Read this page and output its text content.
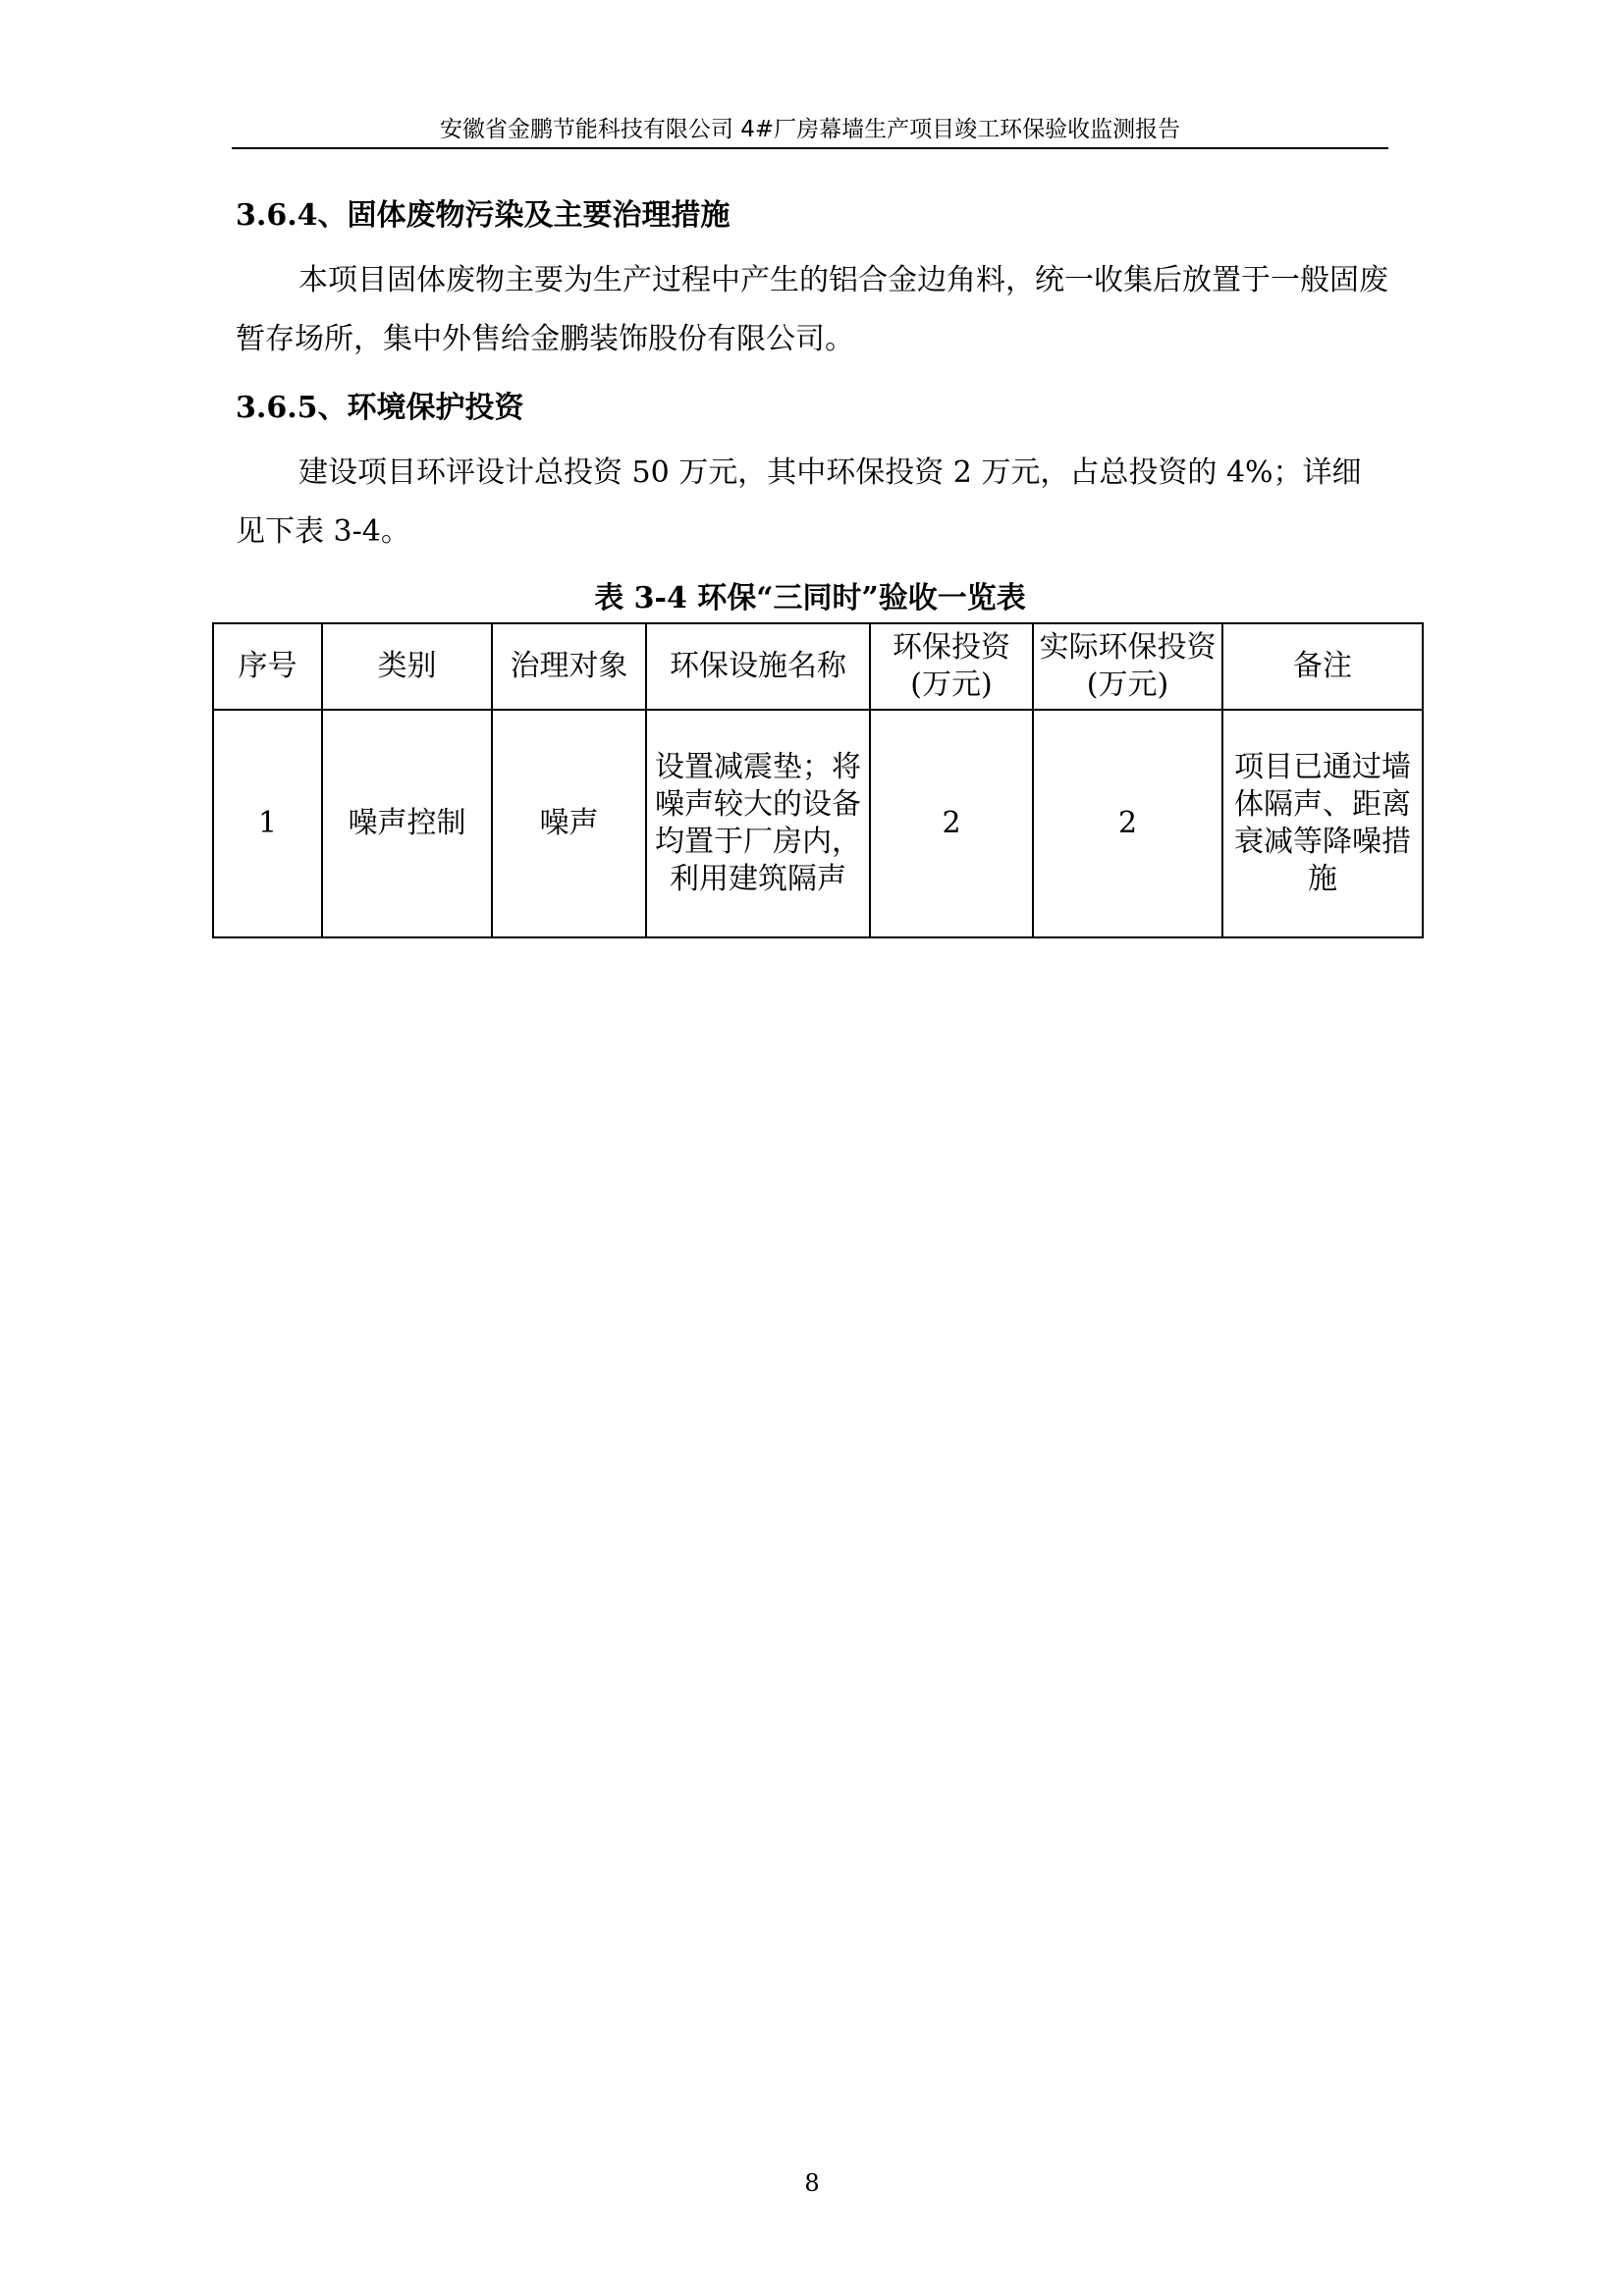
安徽省金鹏节能科技有限公司 4#厂房幕墙生产项目竣工环保验收监测报告
3.6.4、固体废物污染及主要治理措施

本项目固体废物主要为生产过程中产生的铝合金边角料，统一收集后放置于一般固废暂存场所，集中外售给金鹏装饰股份有限公司。

3.6.5、环境保护投资

建设项目环评设计总投资 50 万元，其中环保投资 2 万元，占总投资的 4%；详细见下表 3-4。

表 3-4 环保“三同时”验收一览表
序号	类别	治理对象	环保设施名称	环保投资(万元)	实际环保投资(万元)	备注
1	噪声控制	噪声	设置减震垫；将噪声较大的设备均置于厂房内，利用建筑隔声	2	2	项目已通过墙体隔声、距离衰减等降噪措施
8
